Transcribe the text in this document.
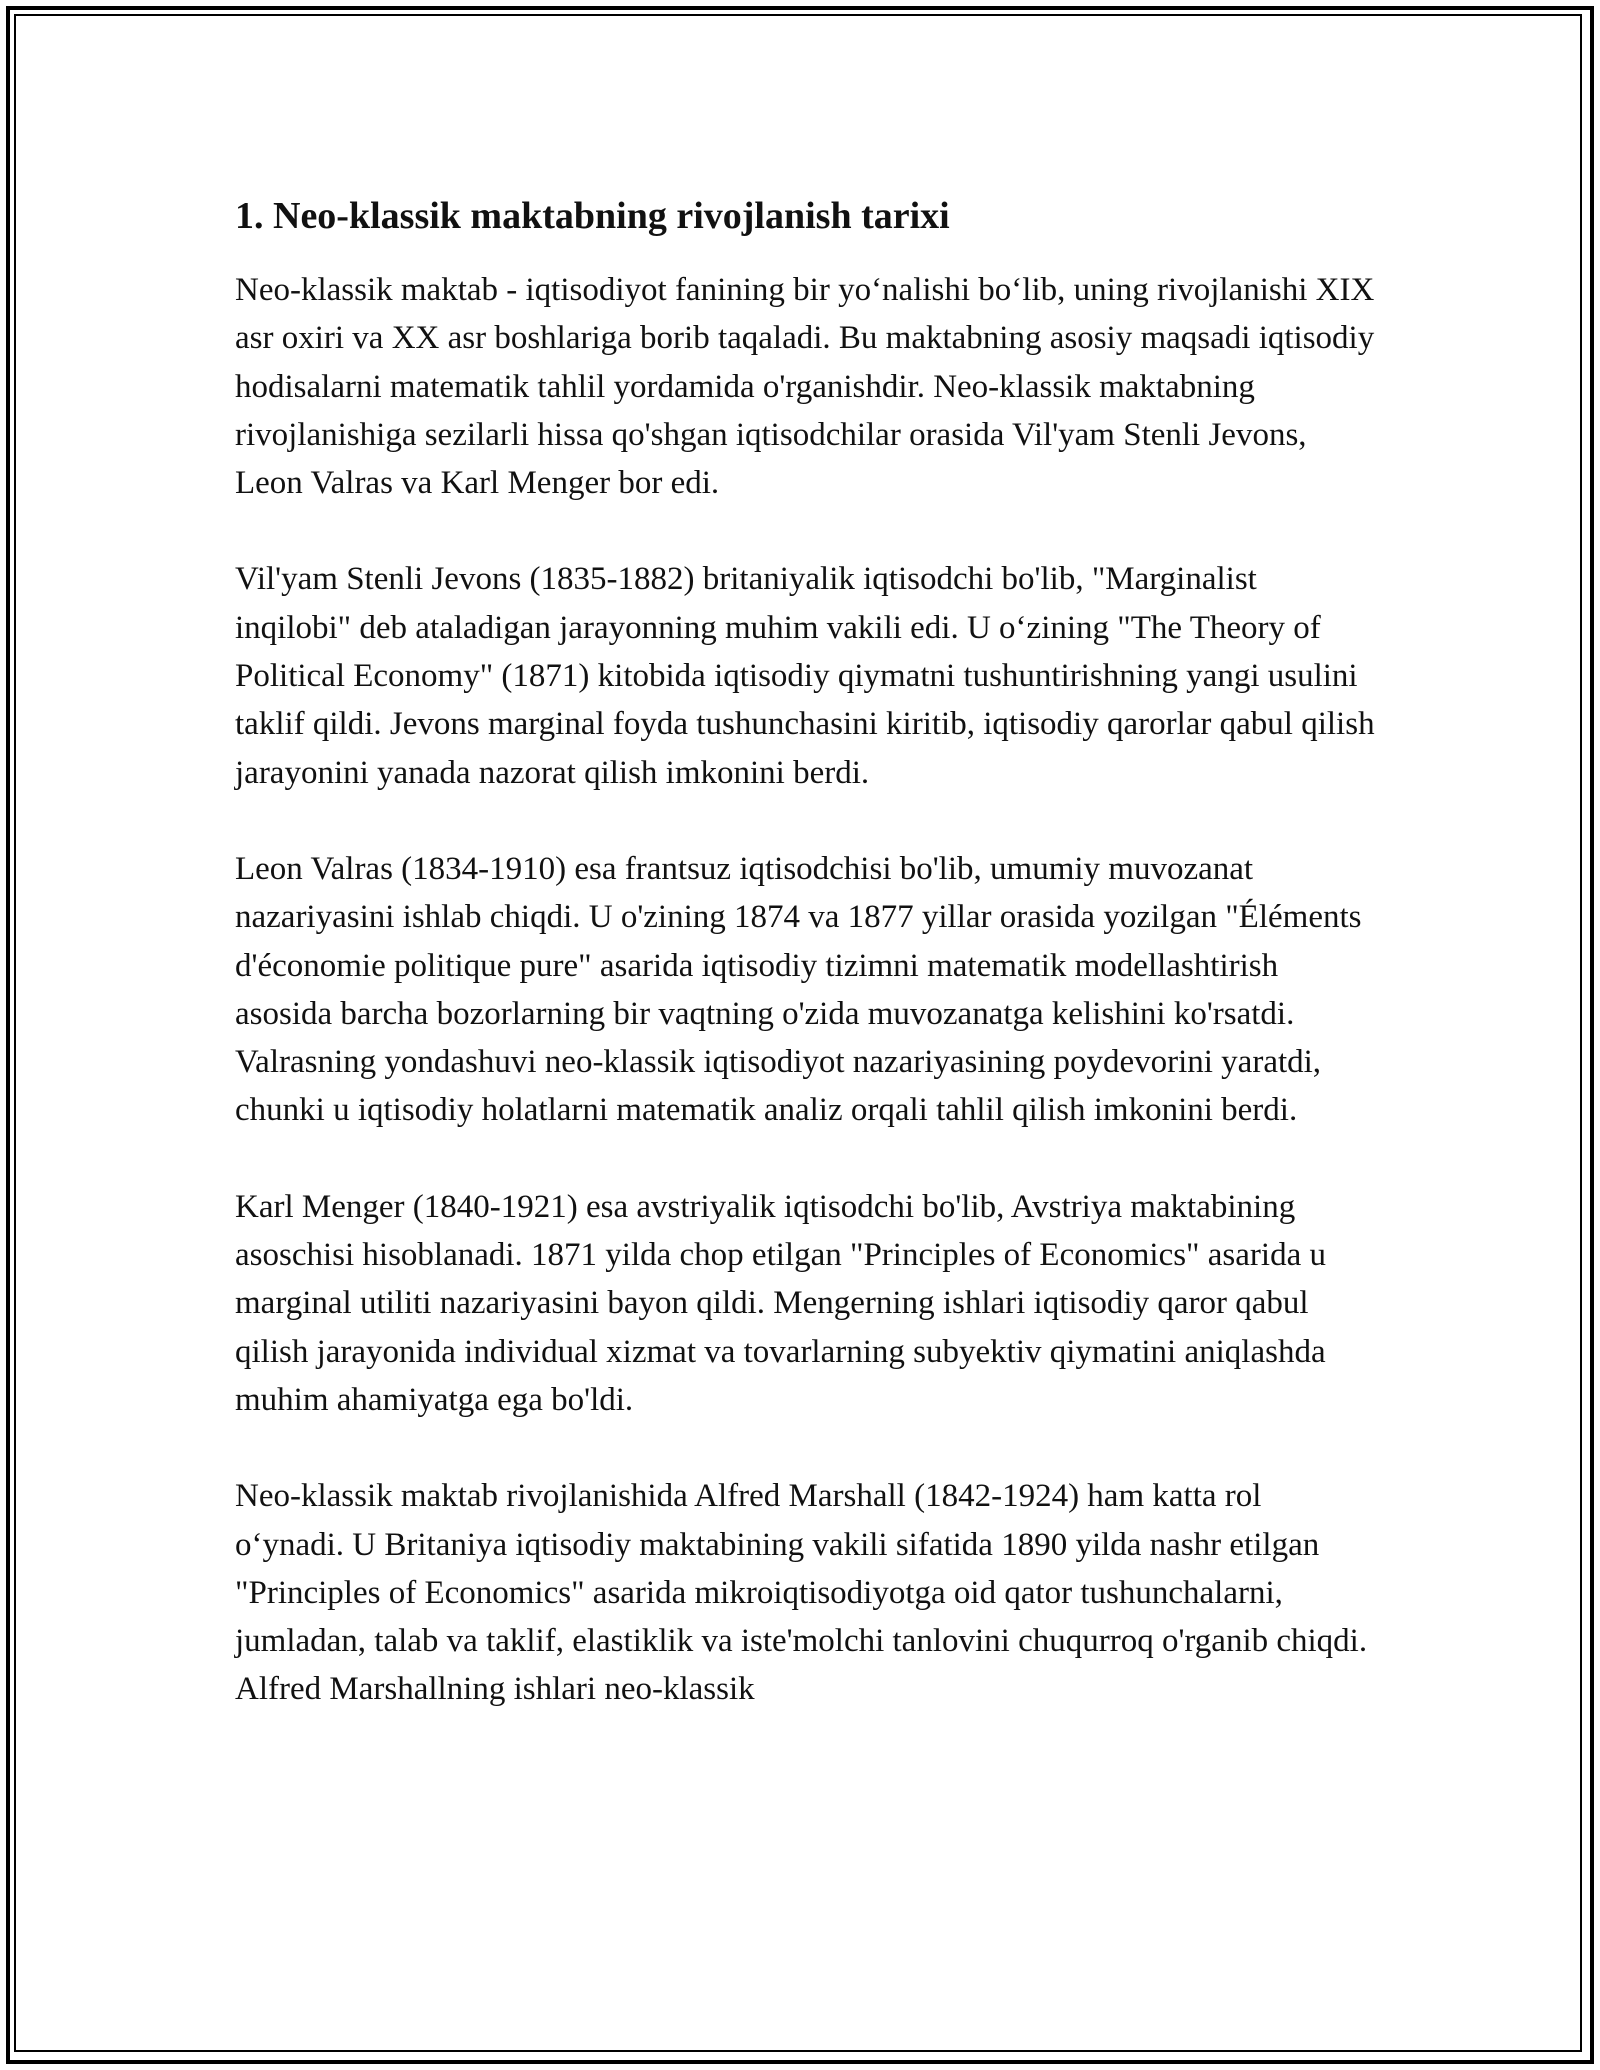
1. Neo-klassik maktabning rivojlanish tarixi

Neo-klassik maktab - iqtisodiyot fanining bir yo‘nalishi bo‘lib, uning rivojlanishi XIX asr oxiri va XX asr boshlariga borib taqaladi. Bu maktabning asosiy maqsadi iqtisodiy hodisalarni matematik tahlil yordamida o'rganishdir. Neo-klassik maktabning rivojlanishiga sezilarli hissa qo'shgan iqtisodchilar orasida Vil'yam Stenli Jevons, Leon Valras va Karl Menger bor edi.

Vil'yam Stenli Jevons (1835-1882) britaniyalik iqtisodchi bo'lib, "Marginalist inqilobi" deb ataladigan jarayonning muhim vakili edi. U o‘zining "The Theory of Political Economy" (1871) kitobida iqtisodiy qiymatni tushuntirishning yangi usulini taklif qildi. Jevons marginal foyda tushunchasini kiritib, iqtisodiy qarorlar qabul qilish jarayonini yanada nazorat qilish imkonini berdi.

Leon Valras (1834-1910) esa frantsuz iqtisodchisi bo'lib, umumiy muvozanat nazariyasini ishlab chiqdi. U o'zining 1874 va 1877 yillar orasida yozilgan "Éléments d'économie politique pure" asarida iqtisodiy tizimni matematik modellashtirish asosida barcha bozorlarning bir vaqtning o'zida muvozanatga kelishini ko'rsatdi. Valrasning yondashuvi neo-klassik iqtisodiyot nazariyasining poydevorini yaratdi, chunki u iqtisodiy holatlarni matematik analiz orqali tahlil qilish imkonini berdi.

Karl Menger (1840-1921) esa avstriyalik iqtisodchi bo'lib, Avstriya maktabining asoschisi hisoblanadi. 1871 yilda chop etilgan "Principles of Economics" asarida u marginal utiliti nazariyasini bayon qildi. Mengerning ishlari iqtisodiy qaror qabul qilish jarayonida individual xizmat va tovarlarning subyektiv qiymatini aniqlashda muhim ahamiyatga ega bo'ldi.

Neo-klassik maktab rivojlanishida Alfred Marshall (1842-1924) ham katta rol o‘ynadi. U Britaniya iqtisodiy maktabining vakili sifatida 1890 yilda nashr etilgan "Principles of Economics" asarida mikroiqtisodiyotga oid qator tushunchalarni, jumladan, talab va taklif, elastiklik va iste'molchi tanlovini chuqurroq o'rganib chiqdi. Alfred Marshallning ishlari neo-klassik
